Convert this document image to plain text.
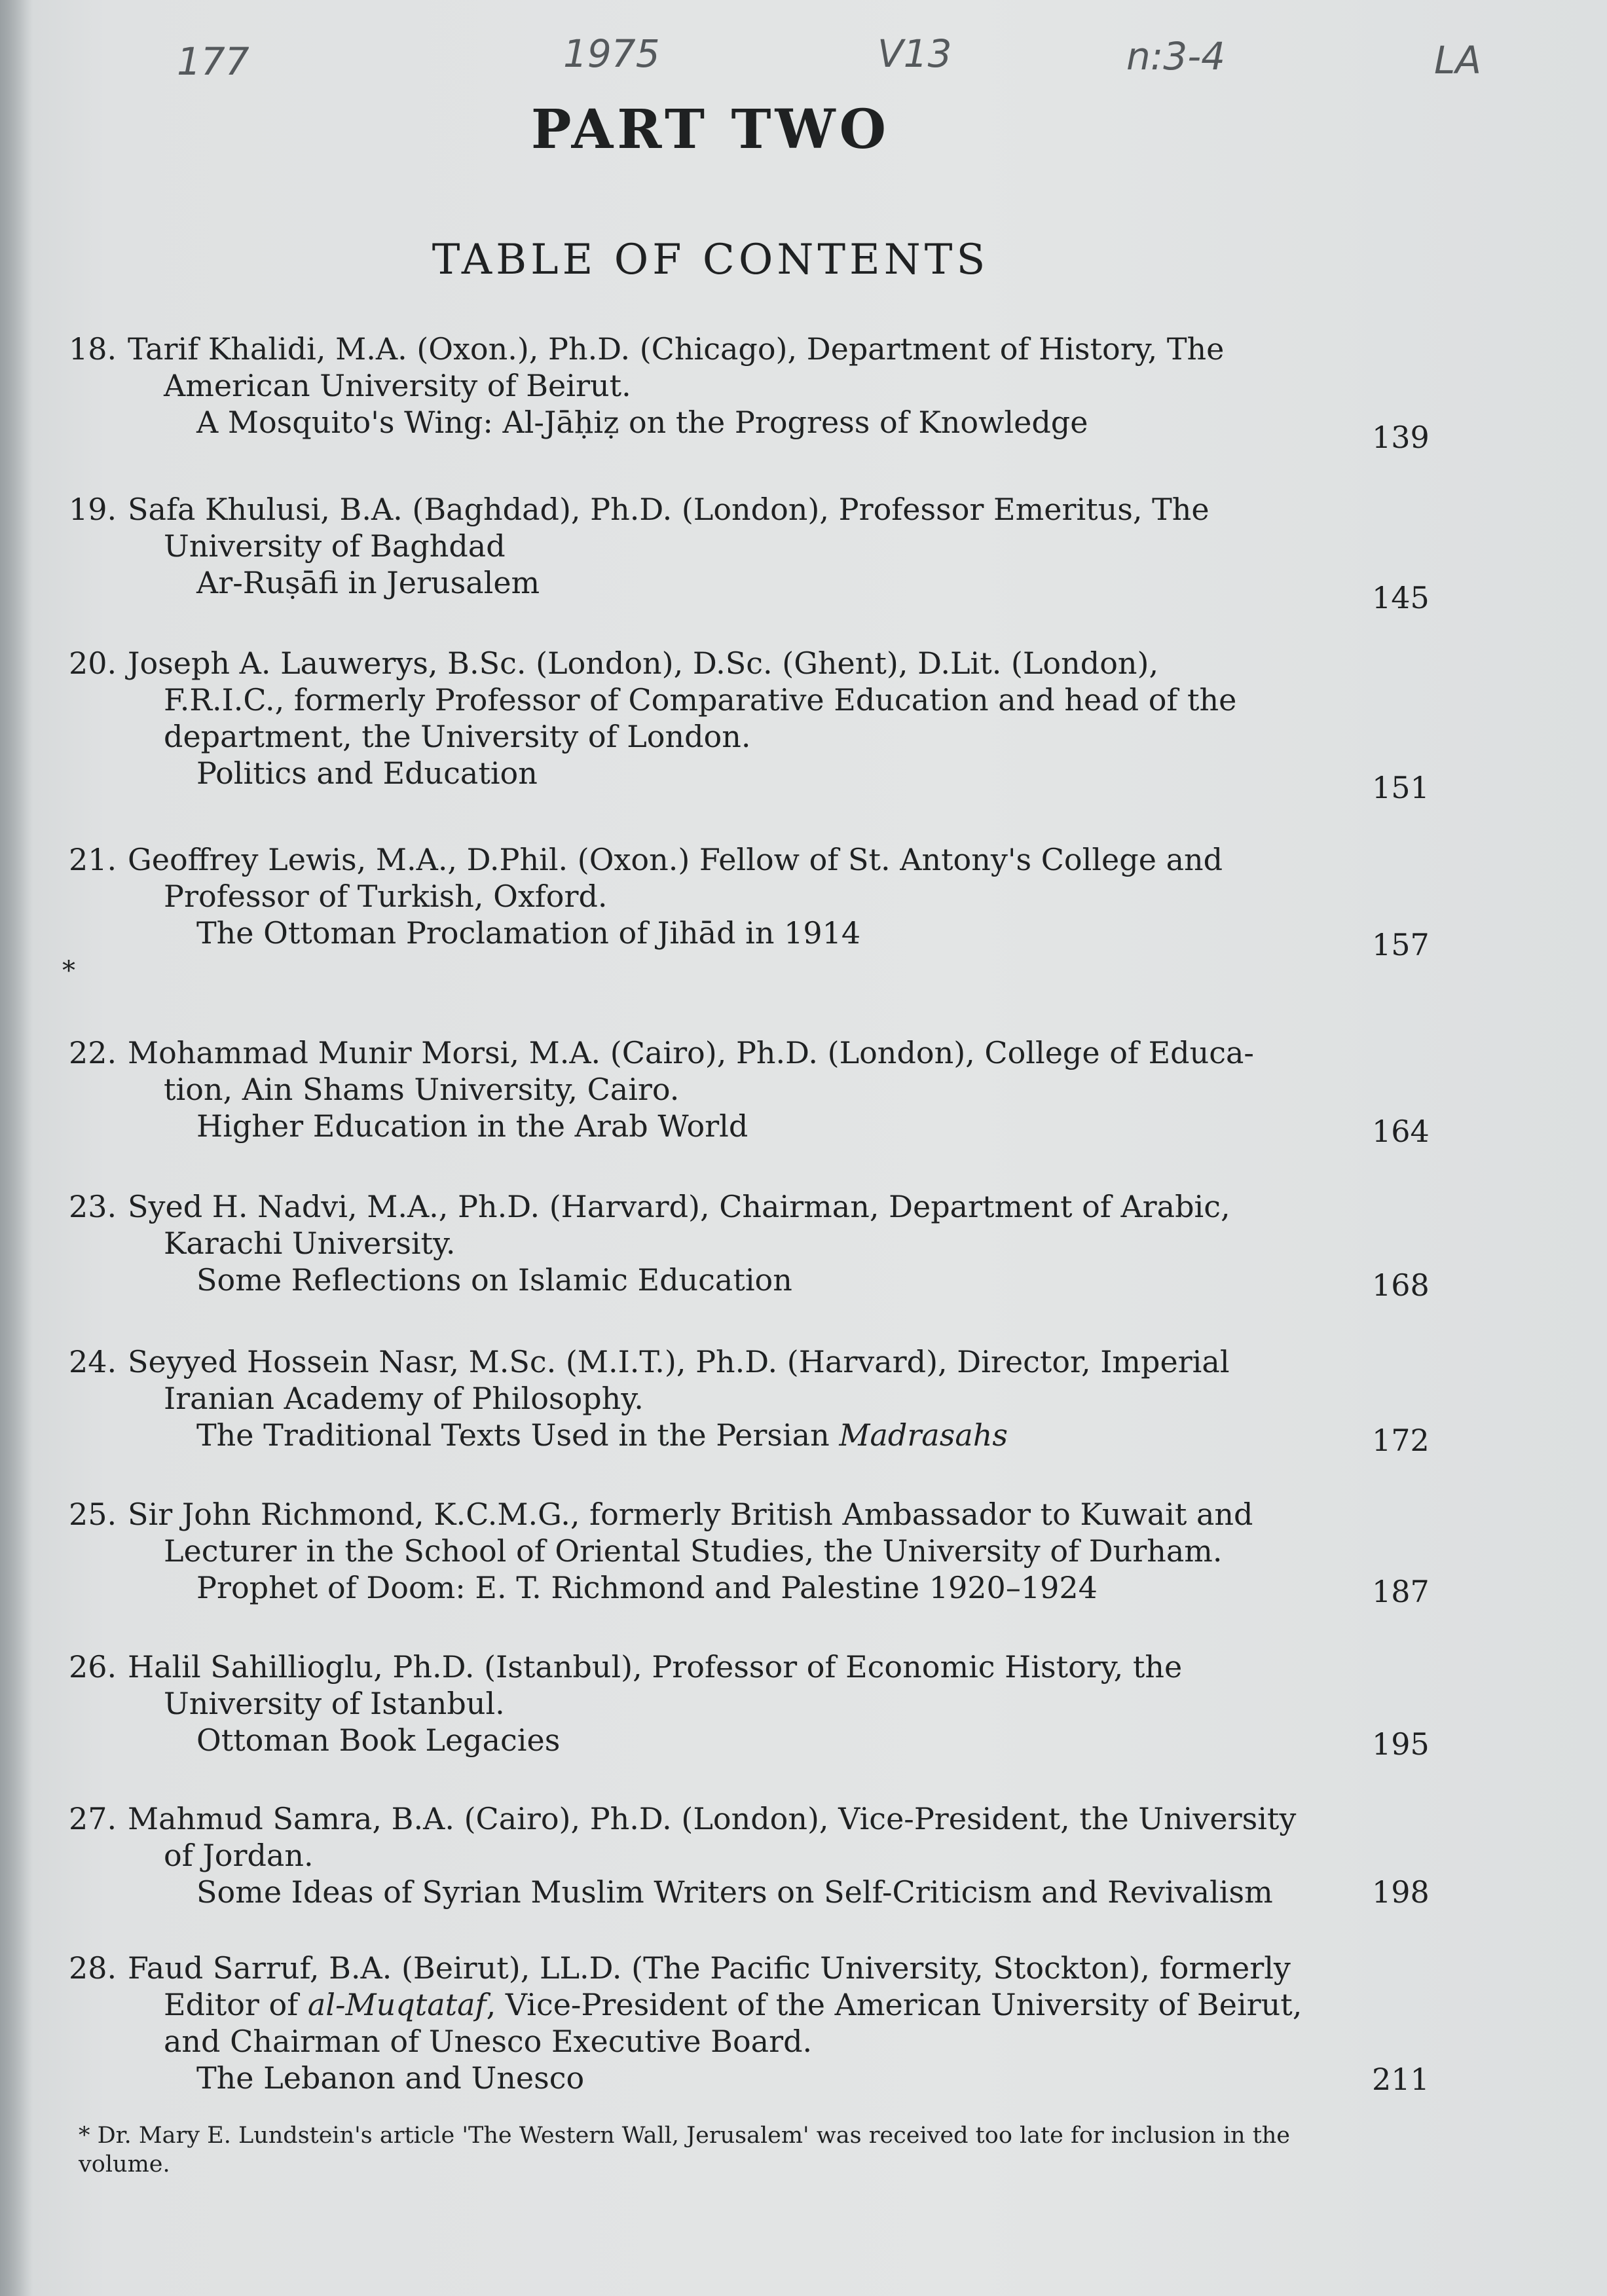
177	1975	V13	n:3-4	LA
PART TWO
TABLE OF CONTENTS
18. Tarif Khalidi, M.A. (Oxon.), Ph.D. (Chicago), Department of History, The
American University of Beirut.
A Mosquito's Wing: Al-Jāḥiẓ on the Progress of Knowledge	139
19. Safa Khulusi, B.A. (Baghdad), Ph.D. (London), Professor Emeritus, The
University of Baghdad
Ar-Ruṣāfi in Jerusalem	145
20. Joseph A. Lauwerys, B.Sc. (London), D.Sc. (Ghent), D.Lit. (London),
F.R.I.C., formerly Professor of Comparative Education and head of the
department, the University of London.
Politics and Education	151
21. Geoffrey Lewis, M.A., D.Phil. (Oxon.) Fellow of St. Antony's College and
Professor of Turkish, Oxford.
The Ottoman Proclamation of Jihād in 1914	157
*
22. Mohammad Munir Morsi, M.A. (Cairo), Ph.D. (London), College of Educa-
tion, Ain Shams University, Cairo.
Higher Education in the Arab World	164
23. Syed H. Nadvi, M.A., Ph.D. (Harvard), Chairman, Department of Arabic,
Karachi University.
Some Reflections on Islamic Education	168
24. Seyyed Hossein Nasr, M.Sc. (M.I.T.), Ph.D. (Harvard), Director, Imperial
Iranian Academy of Philosophy.
The Traditional Texts Used in the Persian Madrasahs	172
25. Sir John Richmond, K.C.M.G., formerly British Ambassador to Kuwait and
Lecturer in the School of Oriental Studies, the University of Durham.
Prophet of Doom: E. T. Richmond and Palestine 1920–1924	187
26. Halil Sahillioglu, Ph.D. (Istanbul), Professor of Economic History, the
University of Istanbul.
Ottoman Book Legacies	195
27. Mahmud Samra, B.A. (Cairo), Ph.D. (London), Vice-President, the University
of Jordan.
Some Ideas of Syrian Muslim Writers on Self-Criticism and Revivalism	198
28. Faud Sarruf, B.A. (Beirut), LL.D. (The Pacific University, Stockton), formerly
Editor of al-Muqtataf, Vice-President of the American University of Beirut,
and Chairman of Unesco Executive Board.
The Lebanon and Unesco	211
* Dr. Mary E. Lundstein's article 'The Western Wall, Jerusalem' was received too late for inclusion in the volume.
